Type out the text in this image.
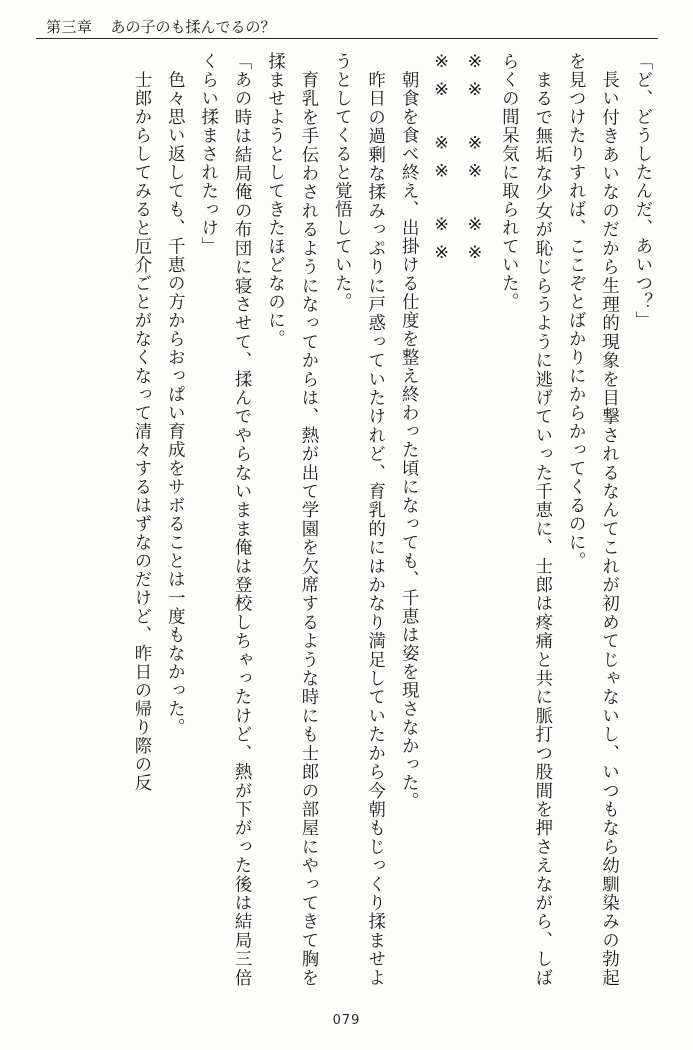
第三章 あの子のも揉んでるの？

「ど、どうしたんだ、あいつ？」

　長い付きあいなのだから生理的現象を目撃されるなんてこれが初めてじゃないし、いつもなら幼馴染みの勃起を見つけたりすれば、ここぞとばかりにからかってくるのに。

　まるで無垢な少女が恥じらうように逃げていった千恵に、士郎は疼痛と共に脈打つ股間を押さえながら、しばらくの間呆気に取られていた。

※※　※※　※※

※※　※※　※※

　朝食を食べ終え、出掛ける仕度を整え終わった頃になっても、千恵は姿を現さなかった。

　昨日の過剰な揉みっぷりに戸惑っていたけれど、育乳的にはかなり満足していたから今朝もじっくり揉ませようとしてくると覚悟していた。

　育乳を手伝わされるようになってからは、熱が出て学園を欠席するような時にも士郎の部屋にやってきて胸を揉ませようとしてきたほどなのに。

「あの時は結局俺の布団に寝させて、揉んでやらないまま俺は登校しちゃったけど、熱が下がった後は結局三倍くらい揉まされたっけ」

　色々思い返しても、千恵の方からおっぱい育成をサボることは一度もなかった。

　士郎からしてみると厄介ごとがなくなって清々するはずなのだけど、昨日の帰り際の反

079
